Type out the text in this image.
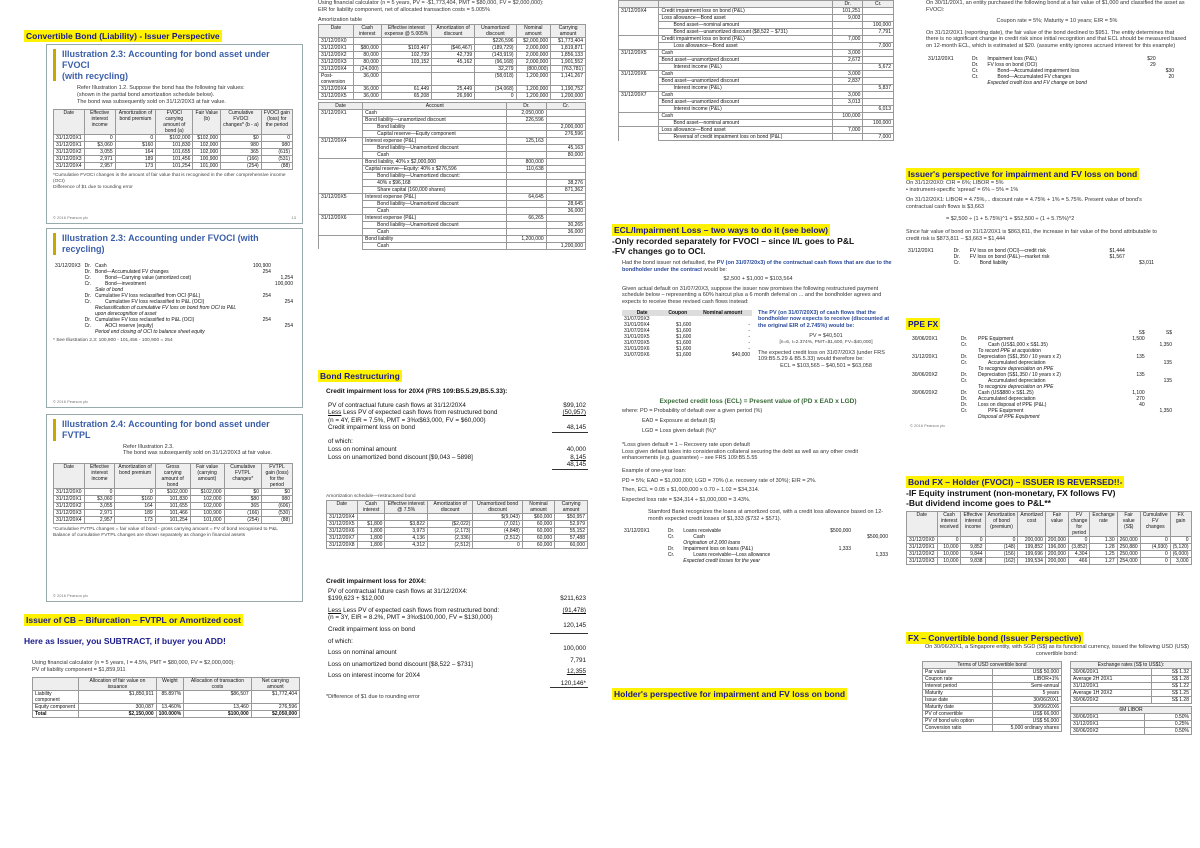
Convertible Bond (Liability) - Issuer Perspective
Illustration 2.3: Accounting for bond asset under FVOCI
(with recycling)
Refer Illustration 1.2. Suppose the bond has the following fair values:
(shown in the partial bond amortization schedule below).
The bond was subsequently sold on 31/12/20X3 at fair value.
Date	Effective interest income	Amortization of bond premium	FVOCI carrying amount of bond (a)	Fair Value (b)	Cumulative FVOCI changes* (b - a)	FVOCI gain (loss) for the period
31/12/20X1	0	0	$102,000	$102,000	$0	0
31/12/20X1	$3,060	$160	101,830	102,000	980	980
31/12/20X2	3,055	164	101,655	102,000	365	(615)
31/12/20X3	2,971	189	101,456	100,900	(166)	(531)
31/12/20X4	2,957	173	101,254	101,000	(254)	(88)
*Cumulative FVOCI changes is the amount of fair value that is recognised in the other comprehensive income (OCI)
Difference of $1 due to rounding error
© 2016 Pearson plc	13
Illustration 2.3: Accounting under FVOCI (with recycling)
31/12/20X3	Dr.	Cash		100,900	
	Dr.	Bond—Accumulated FV changes		254	
	Cr.	Bond—Carrying value (amortized cost)			1,254
	Cr.	Bond—investment			100,000
		Sale of bond			
	Dr.	Cumulative FV loss reclassified from OCI (P&L)		254	
	Cr.	Cumulative FV loss reclassified to P&L (OCI)			254
		Reclassification of cumulative FV loss on bond from OCI to P&L upon derecognition of asset			
	Dr.	Cumulative FV loss reclassified to P&L (OCI)		254	
	Cr.	AOCI reserve (equity)			254
		Period end closing of OCI to balance sheet equity			
* See Illustration 2.3: 100,900 - 101,456 - 100,900 = 254
© 2016 Pearson plc
Illustration 2.4: Accounting for bond asset under FVTPL
Refer Illustration 2.3.
The bond was subsequently sold on 31/12/20X3 at fair value.
Date	Effective interest income	Amortization of bond premium	Gross carrying amount of bond	Fair value (carrying amount)	Cumulative FVTPL changes*	FVTPL gain (loss) for the period
31/12/20X0	0	0	$102,000	$102,000	$0	$0
31/12/20X1	$3,060	$160	101,830	102,000	$80	980
31/12/20X2	3,055	164	101,655	102,000	365	(606)
31/12/20X3	2,971	189	101,466	100,900	(166)	(530)
31/12/20X4	2,957	173	101,254	101,000	(254)	(88)
*Cumulative FVTPL changes = fair value of bond - gross carrying amount = FV of bond recognised to P&L
Balance of cumulative FVTPL changes are shown separately as change in financial assets
© 2016 Pearson plc
Issuer of CB – Bifurcation – FVTPL or Amortized cost
Here as Issuer, you SUBTRACT, if buyer you ADD!
Using financial calculator (n = 5 years, I = 4.5%, PMT = $80,000, FV = $2,000,000):
PV of liability component = $1,859,911
	Allocation of fair value on issuance	Weight	Allocation of transaction costs	Net carrying amount
Liability component	$1,850,911	85.897%	$86,507	$1,772,404
Equity component	300,087	13.460%	13,460	276,596
Total	$2,150,000	100.000%	$100,000	$2,050,000
Using financial calculator (n = 5 years, PV = -$1,773,404, PMT = $80,000, FV = $2,000,000):
EIR for liability component, net of allocated transaction costs = 5.005%
Amortization table
Date	Cash interest	Effective interest expense @ 5.005%	Amortization of discount	Unamortized discount	Nominal amount	Carrying amount
31/12/20X0				$226,596	$2,000,000	$1,773,404
31/12/20X1	$80,000	$103,467	($46,467)	(189,729)	2,000,000	1,819,871
31/12/20X2	80,000	102,739	42,739	(143,919)	2,000,000	1,856,133
31/12/20X3	80,000	103,152	45,162	(96,168)	2,000,000	1,901,552
31/12/20X4	(24,000)			32,279	(800,000)	(763,781)
Post-conversion	36,000			(58,018)	1,200,000	1,141,267
31/12/20X4	36,000	61,449	25,449	(34,068)	1,200,000	1,190,752
31/12/20X5	36,000	65,208	26,990	0	1,200,000	1,200,000
Date	Account	Dr.	Cr.
31/12/20X1	Cash	2,050,000	
	Bond liability—unamortized discount	226,596	
	Bond liability		2,000,000
	Capital reserve—Equity component		276,596
31/12/20X4	Interest expense (P&L)	125,163	
	Bond liability—Unamortized discount		45,163
	Cash		80,000
	Bond liability, 40% x $2,000,000	800,000	
	Capital reserve—Equity: 40% x $276,596	110,638	
	Bond liability—Unamortized discount:		
	40% x $96,168		38,276
	Share capital (160,000 shares)		871,362
31/12/20X5	Interest expense (P&L)	64,645	
	Bond liability—Unamortized discount		28,645
	Cash		36,000
31/12/20X6	Interest expense (P&L)	66,265	
	Bond liability—Unamortized discount		30,265
	Cash		36,000
	Bond liability	1,200,000	
	Cash		1,200,000
Bond Restructuring
Credit impairment loss for 20X4 (FRS 109:B5.5.29,B5.5.33):
PV of contractual future cash flows at 31/12/20X4	$99,102
Less Less PV of expected cash flows from restructured bond	(50,957)
(n = 4Y, EIR = 7.5%, PMT = 3%x$63,000, FV = $60,000)	
Credit impairment loss on bond	48,145
of which:	
Loss on nominal amount	40,000
Loss on unamortized bond discount [$9,043 – 5898]	8,145
	48,145
Amortization schedule—restructured bond
Date	Cash interest	Effective interest @ 7.5%	Amortization of discount	Unamortized bond discount	Nominal amount	Carrying amount
31/12/20X4				$(9,043)	$60,000	$50,957
31/12/20X5	$1,800	$3,822	($2,022)	(7,021)	60,000	52,979
31/12/20X6	1,800	3,973	(2,173)	(4,848)	60,000	55,152
31/12/20X7	1,800	4,136	(2,336)	(2,512)	60,000	57,488
31/12/20X8	1,800	4,312	(2,512)	0	60,000	60,000
Credit impairment loss for 20X4:
PV of contractual future cash flows at 31/12/20X4:	
$199,623 + $12,000	$211,623
Less Less PV of expected cash flows from restructured bond:	(91,478)
(n = 3Y, EIR = 8.2%, PMT = 3%x$100,000, FV = $130,000)	
Credit impairment loss on bond	120,145
of which:	
Loss on nominal amount	100,000
Loss on unamortized bond discount [$8,522 – $731]	7,791
Loss on interest income for 20X4	12,355
	120,146*
*Difference of $1 due to rounding error
		Dr.	Cr.
31/12/20X4	Credit impairment loss on bond (P&L)	101,251	
	Loss allowance—Bond asset	9,003	
	Bond asset—nominal amount		100,000
	Bond asset—unamortized discount ($8,522 – $731)		7,791
	Credit impairment loss on bond (P&L)	7,000	
	Loss allowance—Bond asset		7,000
31/12/20X5	Cash	3,000	
	Bond asset—unamortized discount	2,672	
	Interest income (P&L)		5,672
31/12/20X6	Cash	3,000	
	Bond asset—unamortized discount	2,837	
	Interest income (P&L)		5,837
31/12/20X7	Cash	3,000	
	Bond asset—unamortized discount	3,013	
	Interest income (P&L)		6,013
	Cash	100,000	
	Bond asset—nominal amount		100,000
	Loss allowance—Bond asset	7,000	
	Reversal of credit impairment loss on bond (P&L)		7,000
ECL/Impairment Loss – two ways to do it (see below)
-Only recorded separately for FVOCI – since I/L goes to P&L
-FV changes go to OCI.
Had the bond issuer not defaulted, the PV (on 31/07/20x3) of the contractual cash flows that are due to the bondholder under the contract would be:
$2,500 + $1,000 = $103,564
Given actual default on 31/07/20X3, suppose the issuer now promises the following restructured payment schedule below – representing a 60% haircut plus a 6 month deferral on ... and the bondholder agrees and expects to receive these revised cash flows instead:
Date	Coupon	Nominal amount
31/07/20X3		
31/01/20X4	$1,600	-
31/07/20X4	$1,600	-
31/01/20X5	$1,600	-
31/07/20X5	$1,600	-
31/01/20X6	$1,600	-
31/07/20X6	$1,600	$40,000
The PV (on 31/07/20X3) of cash flows that the bondholder now expects to receive (discounted at the original EIR of 2.745%) would be:
PV = $40,501
[n=6, I=2.374%, PMT=$1,600, FV=$40,000]
The expected credit loss on 31/07/20X3 (under FRS 109:B5.5.29 & B5.5.33) would therefore be:
ECL = $103,565 – $40,501 = $63,058
Expected credit loss (ECL) = Present value of (PD x EAD x LGD)
where: PD = Probability of default over a given period (%)
EAD = Exposure at default ($)
LGD = Loss given default (%)*
*Loss given default = 1 – Recovery rate upon default
Loss given default takes into consideration collateral securing the debt as well as any other credit enhancements (e.g. guarantee) – see FRS 109:B5.5.55
Example of one-year loan:
PD = 5%; EAD = $1,000,000; LGD = 70% (i.e. recovery rate of 30%); EIR = 2%.
Then, ECL = 0.05 x $1,000,000 x 0.70 ÷ 1.02 = $34,314.
Expected loss rate = $34,314 ÷ $1,000,000 = 3.43%.
Stamford Bank recognizes the loans at amortized cost, with a credit loss allowance based on 12-month expected credit losses of $1,333 ($732 + $571).
31/12/20X1	Dr.	Loans receivable	$500,000	
	Cr.	Cash		$500,000
		Origination of 2,000 loans		
	Dr.	Impairment loss on loans (P&L)	1,333	
	Cr.	Loans receivable—Loss allowance		1,333
		Expected credit losses for the year		
Holder's perspective for impairment and FV loss on bond
On 30/11/20X1, an entity purchased the following bond at a fair value of $1,000 and classified the asset as FVOCI:
Coupon rate = 5%; Maturity = 10 years; EIR = 5%
On 31/12/20X1 (reporting date), the fair value of the bond declined to $951. The entity determines that there is no significant change in credit risk since initial recognition and that ECL should be measured based on 12-month ECL, which is estimated at $20. (assume entity ignores accrued interest for this example)
31/12/20X1	Dr.	Impairment loss (P&L)	$20	
	Dr.	FV loss on bond (OCI)	29	
	Cr.	Bond—Accumulated impairment loss		$30
	Cr.	Bond—Accumulated FV changes		20
		Expected credit loss and FV change on bond		
Issuer's perspective for impairment and FV loss on bond
On 31/12/20X0: CIR = 6%; LIBOR = 5%
• instrument-specific 'spread' = 6% – 5% = 1%
On 31/12/20X1: LIBOR = 4.75%,... discount rate = 4.75% + 1% = 5.75%. Present value of bond's contractual cash flows is $3,663
= $2,500 ÷ (1 + 5.75%)^1 + $52,500 ÷ (1 + 5.75%)^2
Since fair value of bond on 31/12/20X1 is $863,811, the increase in fair value of the bond attributable to credit risk is $873,811 – $3,663 = $1,444
31/12/20X1	Dr.	FV loss on bond (OCI)—credit risk	$1,444	
	Dr.	FV loss on bond (P&L)—market risk	$1,567	
	Cr.	Bond liability		$3,011
PPE FX
			S$	S$
30/06/20X1	Dr.	PPE Equipment	1,500	
	Cr.	Cash (US$1,000 x S$1.35)		1,350
		To record PPE at acquisition		
31/12/20X1	Dr.	Depreciation (S$1,350 / 10 years x 2)	135	
	Cr.	Accumulated depreciation		135
		To recognize depreciation on PPE		
30/06/20X2	Dr.	Depreciation (S$1,350 / 10 years x 2)	135	
	Cr.	Accumulated depreciation		135
		To recognize depreciation on PPE		
30/06/20X2	Dr.	Cash (US$880 x S$1.25)	1,100	
	Dr.	Accumulated depreciation	270	
	Dr.	Loss on disposal of PPE (P&L)	40	
	Cr.	PPE Equipment		1,350
		Disposal of PPE Equipment		
© 2016 Pearson plc
Bond FX – Holder (FVOCI) – ISSUER IS REVERSED!!-
-IF Equity instrument (non-monetary, FX follows FV)
-But dividend income goes to P&L**
Date	Cash interest received	Effective interest income	Amortization of bond (premium)	Amortized cost	Fair value	FV change for period	Exchange rate	Fair value (S$)	Cumulative FV changes	FX gain
31/12/20X0	0	0	0	200,000	200,000	0	1.30	260,000	0	0
31/12/20X1	10,000	9,852	(148)	199,852	196,000	(3,852)	1.28	250,880	(4,930)	(5,120)
31/12/20X2	10,000	9,844	(156)	199,696	200,000	4,304	1.25	250,000	0	(6,000)
31/12/20X3	10,000	9,838	(162)	199,534	200,000	466	1.27	254,000	0	3,000
FX – Convertible bond (Issuer Perspective)
On 30/06/20X1, a Singapore entity, with SGD (S$) as its functional currency, issued the following USD (US$) convertible bond:
Terms of USD convertible bond	
Par value	US$ 50,000
Coupon rate	LIBOR+1%
Interest period	Semi-annual
Maturity	5 years
Issue date	30/06/20X1
Maturity date	30/06/20X6
PV of convertible	US$ 66,000
PV of bond w/o option	US$ 56,000
Conversion ratio	5,000 ordinary shares
Exchange rates (S$ to US$1):	
30/06/20X1	S$ 1.32
Average 2H 20X1	S$ 1.28
31/12/20X1	S$ 1.22
Average 1H 20X2	S$ 1.25
30/06/20X2	S$ 1.28
6M LIBOR	
30/06/20X1	0.50%
31/12/20X1	0.25%
30/06/20X2	0.50%
